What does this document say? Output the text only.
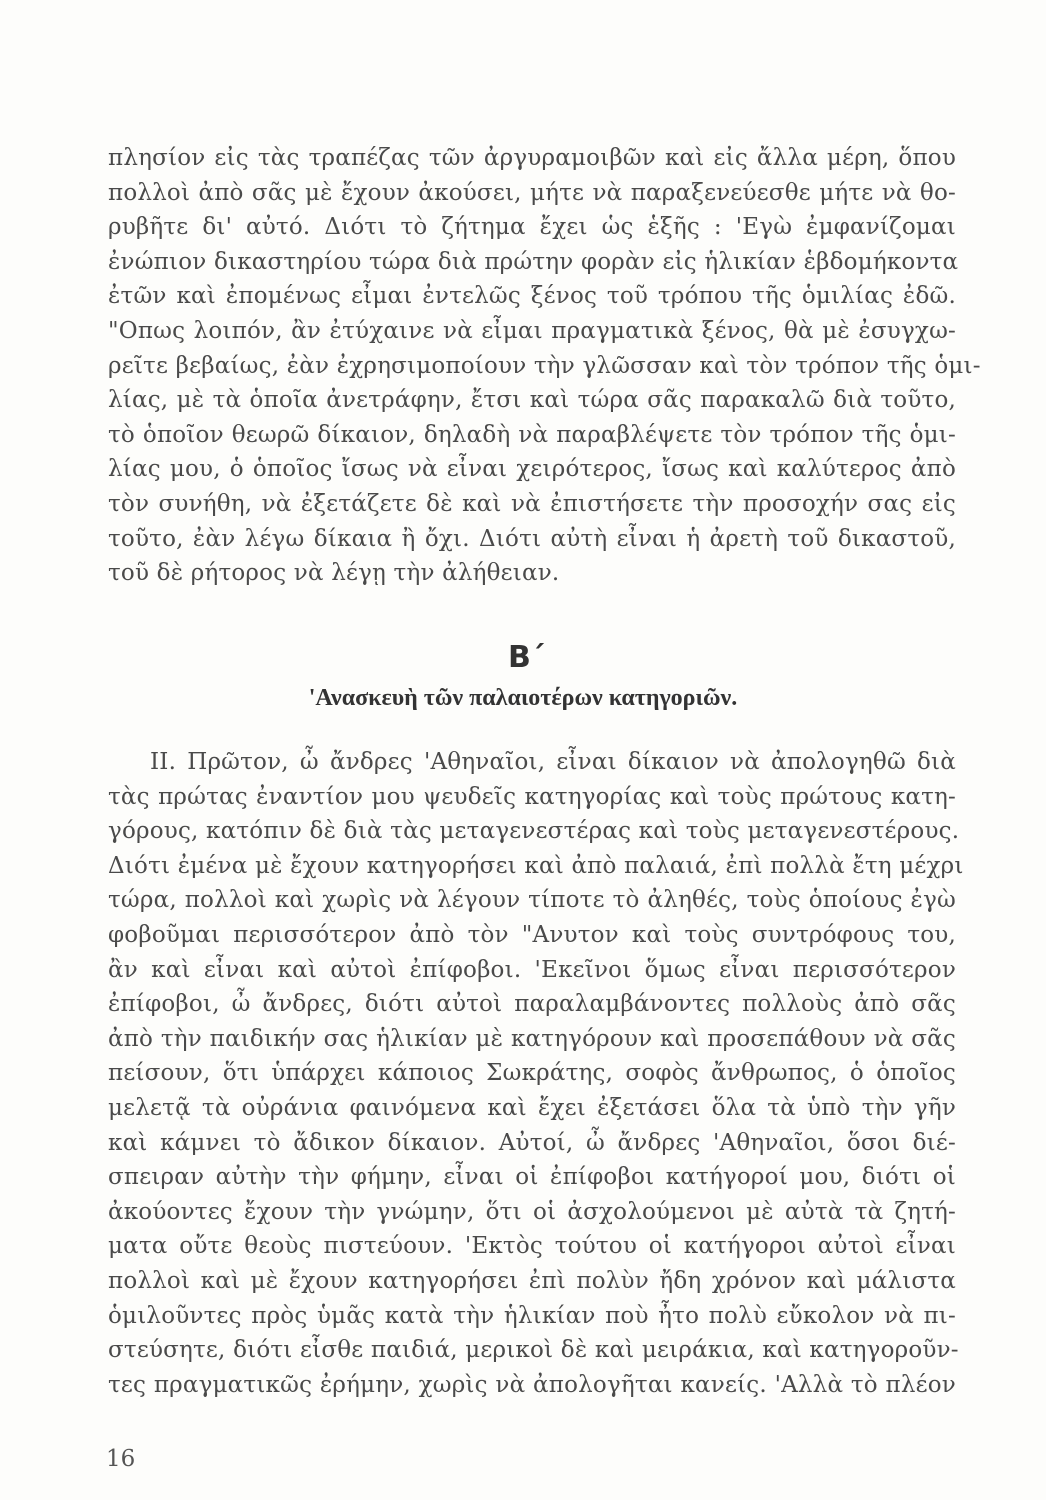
πλησίον εἰς τὰς τραπέζας τῶν ἀργυραμοιβῶν καὶ εἰς ἄλλα μέρη, ὅπου
πολλοὶ ἀπὸ σᾶς μὲ ἔχουν ἀκούσει, μήτε νὰ παραξενεύεσθε μήτε νὰ θο-
ρυβῆτε δι' αὐτό. Διότι τὸ ζήτημα ἔχει ὡς ἑξῆς : 'Εγὼ ἐμφανίζομαι
ἐνώπιον δικαστηρίου τώρα διὰ πρώτην φορὰν εἰς ἡλικίαν ἑβδομήκοντα
ἐτῶν καὶ ἐπομένως εἶμαι ἐντελῶς ξένος τοῦ τρόπου τῆς ὁμιλίας ἐδῶ.
"Οπως λοιπόν, ἂν ἐτύχαινε νὰ εἶμαι πραγματικὰ ξένος, θὰ μὲ ἐσυγχω-
ρεῖτε βεβαίως, ἐὰν ἐχρησιμοποίουν τὴν γλῶσσαν καὶ τὸν τρόπον τῆς ὁμι-
λίας, μὲ τὰ ὁποῖα ἀνετράφην, ἔτσι καὶ τώρα σᾶς παρακαλῶ διὰ τοῦτο,
τὸ ὁποῖον θεωρῶ δίκαιον, δηλαδὴ νὰ παραβλέψετε τὸν τρόπον τῆς ὁμι-
λίας μου, ὁ ὁποῖος ἴσως νὰ εἶναι χειρότερος, ἴσως καὶ καλύτερος ἀπὸ
τὸν συνήθη, νὰ ἐξετάζετε δὲ καὶ νὰ ἐπιστήσετε τὴν προσοχήν σας εἰς
τοῦτο, ἐὰν λέγω δίκαια ἢ ὄχι. Διότι αὐτὴ εἶναι ἡ ἀρετὴ τοῦ δικαστοῦ,
τοῦ δὲ ρήτορος νὰ λέγῃ τὴν ἀλήθειαν.
Β΄
'Ανασκευὴ τῶν παλαιοτέρων κατηγοριῶν.
ΙΙ. Πρῶτον, ὦ ἄνδρες 'Αθηναῖοι, εἶναι δίκαιον νὰ ἀπολογηθῶ διὰ
τὰς πρώτας ἐναντίον μου ψευδεῖς κατηγορίας καὶ τοὺς πρώτους κατη-
γόρους, κατόπιν δὲ διὰ τὰς μεταγενεστέρας καὶ τοὺς μεταγενεστέρους.
Διότι ἐμένα μὲ ἔχουν κατηγορήσει καὶ ἀπὸ παλαιά, ἐπὶ πολλὰ ἔτη μέχρι
τώρα, πολλοὶ καὶ χωρὶς νὰ λέγουν τίποτε τὸ ἀληθές, τοὺς ὁποίους ἐγὼ
φοβοῦμαι περισσότερον ἀπὸ τὸν "Ανυτον καὶ τοὺς συντρόφους του,
ἂν καὶ εἶναι καὶ αὐτοὶ ἐπίφοβοι. 'Εκεῖνοι ὅμως εἶναι περισσότερον
ἐπίφοβοι, ὦ ἄνδρες, διότι αὐτοὶ παραλαμβάνοντες πολλοὺς ἀπὸ σᾶς
ἀπὸ τὴν παιδικήν σας ἡλικίαν μὲ κατηγόρουν καὶ προσεπάθουν νὰ σᾶς
πείσουν, ὅτι ὑπάρχει κάποιος Σωκράτης, σοφὸς ἄνθρωπος, ὁ ὁποῖος
μελετᾷ τὰ οὐράνια φαινόμενα καὶ ἔχει ἐξετάσει ὅλα τὰ ὑπὸ τὴν γῆν
καὶ κάμνει τὸ ἄδικον δίκαιον. Αὐτοί, ὦ ἄνδρες 'Αθηναῖοι, ὅσοι διέ-
σπειραν αὐτὴν τὴν φήμην, εἶναι οἱ ἐπίφοβοι κατήγοροί μου, διότι οἱ
ἀκούοντες ἔχουν τὴν γνώμην, ὅτι οἱ ἀσχολούμενοι μὲ αὐτὰ τὰ ζητή-
ματα οὔτε θεοὺς πιστεύουν. 'Εκτὸς τούτου οἱ κατήγοροι αὐτοὶ εἶναι
πολλοὶ καὶ μὲ ἔχουν κατηγορήσει ἐπὶ πολὺν ἤδη χρόνον καὶ μάλιστα
ὁμιλοῦντες πρὸς ὑμᾶς κατὰ τὴν ἡλικίαν ποὺ ἦτο πολὺ εὔκολον νὰ πι-
στεύσητε, διότι εἶσθε παιδιά, μερικοὶ δὲ καὶ μειράκια, καὶ κατηγοροῦν-
τες πραγματικῶς ἐρήμην, χωρὶς νὰ ἀπολογῆται κανείς. 'Αλλὰ τὸ πλέον
16
